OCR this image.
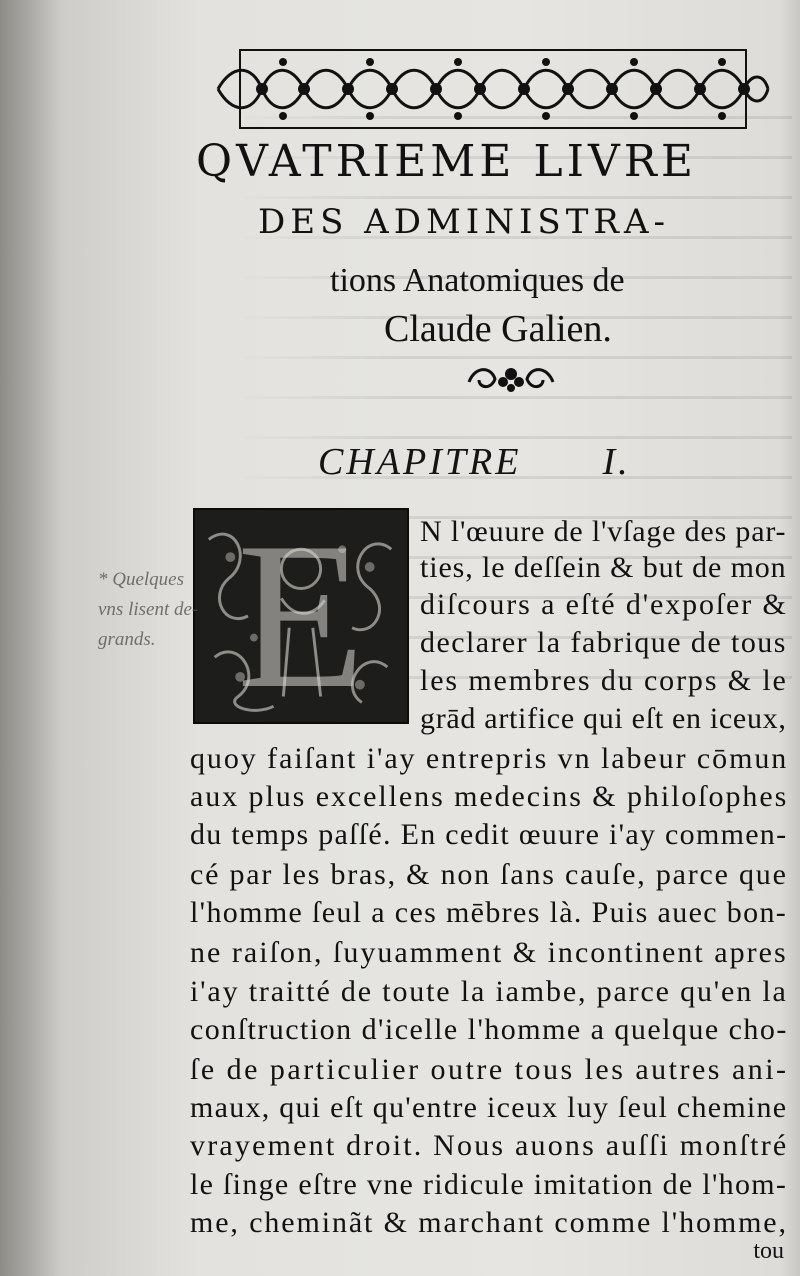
QVATRIEME LIVRE
DES ADMINISTRA-
tions Anatomiques de
Claude Galien.
CHAPITRE I.
E
* Quelques
vns lisent de-
grands.
N l'œuure de l'vſage des par-
ties, le deſſein & but de mon
diſcours a eſté d'expoſer &
declarer la fabrique de tous
les membres du corps & le
grād artifice qui eſt en iceux,
quoy faiſant i'ay entrepris vn labeur cōmun
aux plus excellens medecins & philoſophes
du temps paſſé. En cedit œuure i'ay commen-
cé par les bras, & non ſans cauſe, parce que
l'homme ſeul a ces mēbres là. Puis auec bon-
ne raiſon, ſuyuamment & incontinent apres
i'ay traitté de toute la iambe, parce qu'en la
conſtruction d'icelle l'homme a quelque cho-
ſe de particulier outre tous les autres ani-
maux, qui eſt qu'entre iceux luy ſeul chemine
vrayement droit. Nous auons auſſi monſtré
le ſinge eſtre vne ridicule imitation de l'hom-
me, cheminãt & marchant comme l'homme,
tou
